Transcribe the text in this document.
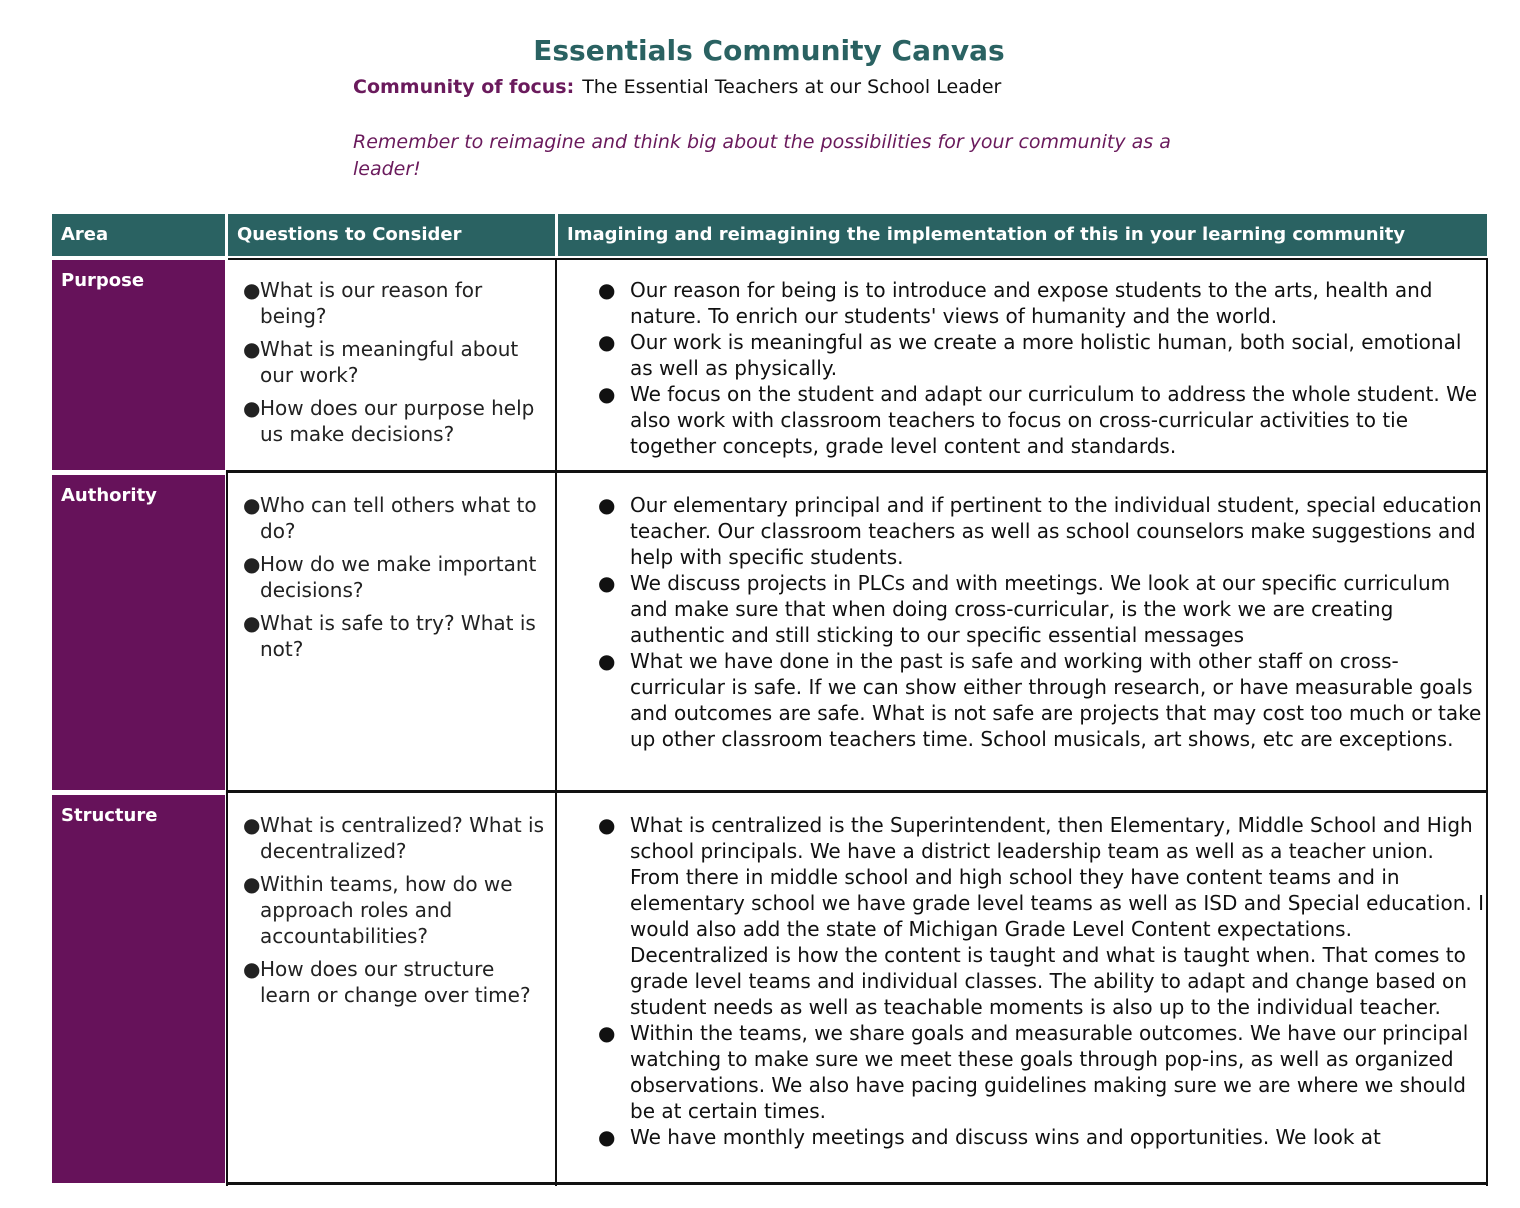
Essentials Community Canvas
Community of focus: The Essential Teachers at our School Leader
Remember to reimagine and think big about the possibilities for your community as a leader!
Area	Questions to Consider	Imagining and reimagining the implementation of this in your learning community
Purpose
Authority
Structure
● What is our reason for being?
● What is meaningful about our work?
● How does our purpose help us make decisions?
● Our reason for being is to introduce and expose students to the arts, health and nature. To enrich our students' views of humanity and the world.
● Our work is meaningful as we create a more holistic human, both social, emotional as well as physically.
● We focus on the student and adapt our curriculum to address the whole student. We also work with classroom teachers to focus on cross-curricular activities to tie together concepts, grade level content and standards.
● Who can tell others what to do?
● How do we make important decisions?
● What is safe to try? What is not?
● Our elementary principal and if pertinent to the individual student, special education teacher. Our classroom teachers as well as school counselors make suggestions and help with specific students.
● We discuss projects in PLCs and with meetings. We look at our specific curriculum and make sure that when doing cross-curricular, is the work we are creating authentic and still sticking to our specific essential messages
● What we have done in the past is safe and working with other staff on cross-curricular is safe. If we can show either through research, or have measurable goals and outcomes are safe. What is not safe are projects that may cost too much or take up other classroom teachers time. School musicals, art shows, etc are exceptions.
● What is centralized? What is decentralized?
● Within teams, how do we approach roles and accountabilities?
● How does our structure learn or change over time?
● What is centralized is the Superintendent, then Elementary, Middle School and High school principals. We have a district leadership team as well as a teacher union. From there in middle school and high school they have content teams and in elementary school we have grade level teams as well as ISD and Special education. I would also add the state of Michigan Grade Level Content expectations. Decentralized is how the content is taught and what is taught when. That comes to grade level teams and individual classes. The ability to adapt and change based on student needs as well as teachable moments is also up to the individual teacher.
● Within the teams, we share goals and measurable outcomes. We have our principal watching to make sure we meet these goals through pop-ins, as well as organized observations. We also have pacing guidelines making sure we are where we should be at certain times.
● We have monthly meetings and discuss wins and opportunities. We look at
